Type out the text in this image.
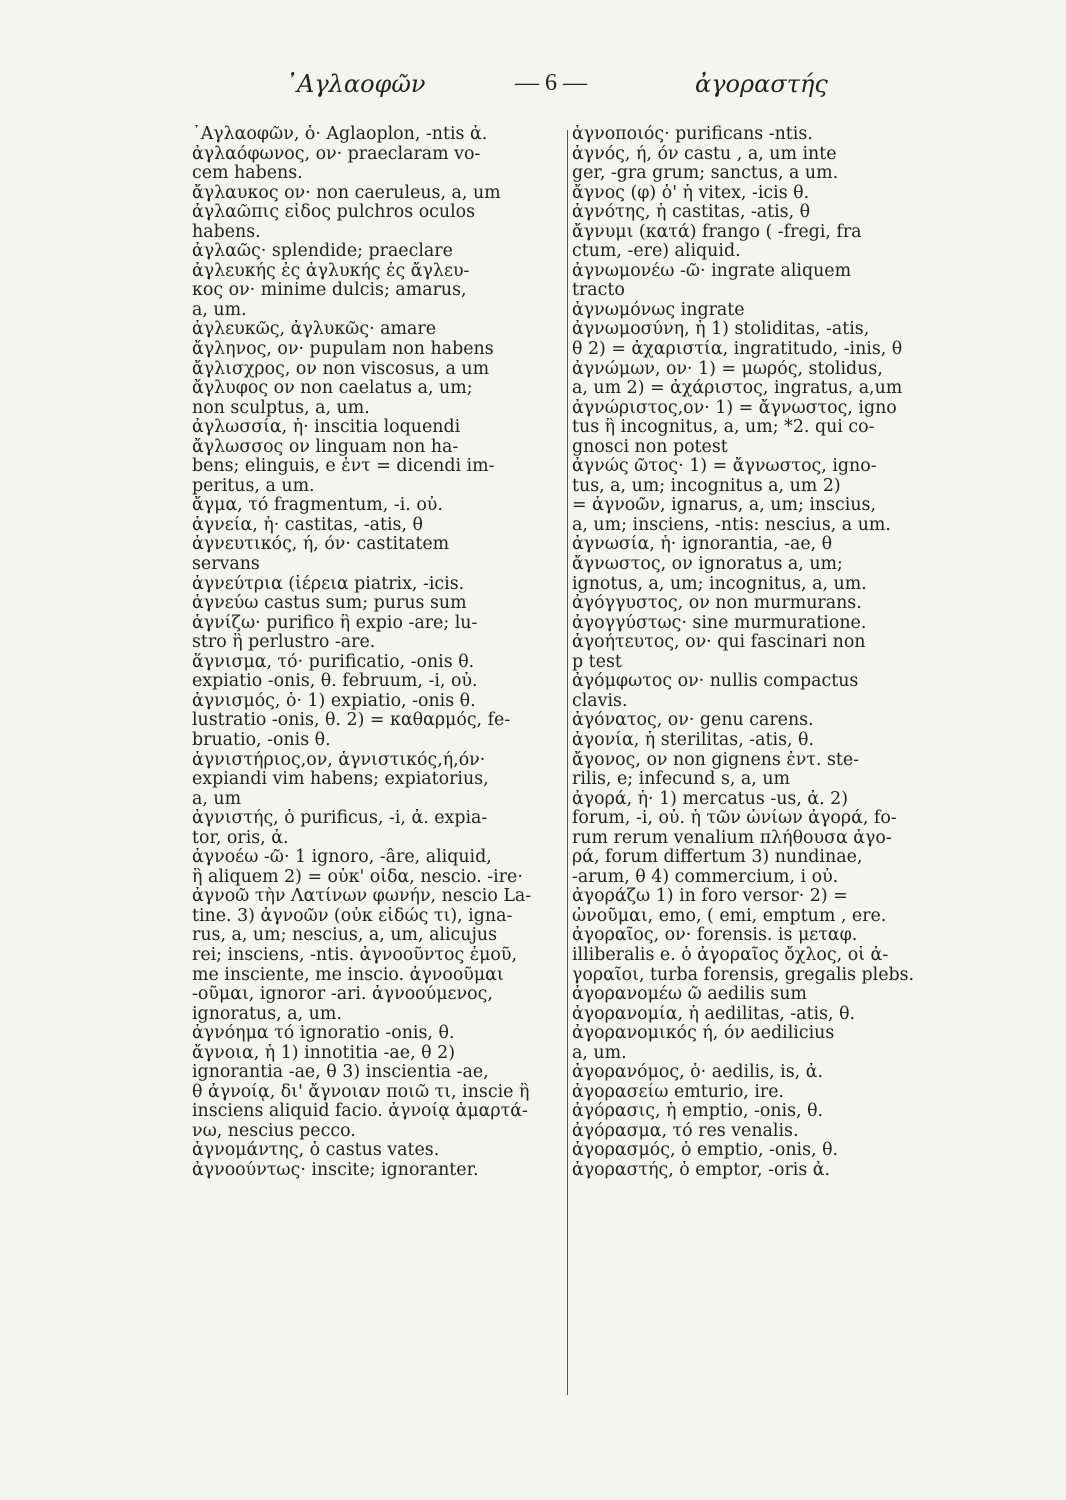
᾿Αγλαοφῶν	— 6 —	ἀγοραστής
᾿Αγλαοφῶν, ὁ· Aglaoplon, -ntis ἀ.
ἀγλαόφωνος, ον· praeclaram vo-
cem habens.
ἄγλαυκος ον· non caeruleus, a, um
ἀγλαῶπις εἶδος pulchros oculos
habens.
ἀγλαῶς· splendide; praeclare
ἀγλευκής ἐς ἀγλυκής ἐς ἄγλευ-
κος ον· minime dulcis; amarus,
a, um.
ἀγλευκῶς, ἀγλυκῶς· amare
ἄγληνος, ον· pupulam non habens
ἄγλισχρος, ον non viscosus, a um
ἄγλυφος ον non caelatus a, um;
non sculptus, a, um.
ἀγλωσσία, ἡ· inscitia loquendi
ἄγλωσσος ον linguam non ha-
bens; elinguis, e ἐντ = dicendi im-
peritus, a um.
ἄγμα, τό fragmentum, -i. οὐ.
ἁγνεία, ἡ· castitas, -atis, θ
ἁγνευτικός, ή, όν· castitatem
servans
ἁγνεύτρια (ἱέρεια piatrix, -icis.
ἁγνεύω castus sum; purus sum
ἁγνίζω· purifico ἢ expio -are; lu-
stro ἢ perlustro -are.
ἅγνισμα, τό· purificatio, -onis θ.
expiatio -onis, θ. februum, -i, οὐ.
ἁγνισμός, ὁ· 1) expiatio, -onis θ.
lustratio -onis, θ. 2) = καθαρμός, fe-
bruatio, -onis θ.
ἁγνιστήριος,ον, ἁγνιστικός,ή,όν·
expiandi vim habens; expiatorius,
a, um
ἁγνιστής, ὁ purificus, -i, ἀ. expia-
tor, oris, ἀ.
ἀγνοέω -ῶ· 1 ignoro, -âre, aliquid,
ἢ aliquem 2) = οὐκ' οἶδα, nescio. -ire·
ἀγνοῶ τὴν Λατίνων φωνήν, nescio La-
tine. 3) ἀγνοῶν (οὐκ εἰδώς τι), igna-
rus, a, um; nescius, a, um, alicujus
rei; insciens, -ntis. ἀγνοοῦντος ἐμοῦ,
me insciente, me inscio. ἀγνοοῦμαι
-οῦμαι, ignoror -ari. ἀγνοούμενος,
ignoratus, a, um.
ἀγνόημα τό ignoratio -onis, θ.
ἄγνοια, ἡ 1) innotitia -ae, θ 2)
ignorantia -ae, θ 3) inscientia -ae,
θ ἀγνοίᾳ, δι' ἄγνοιαν ποιῶ τι, inscie ἢ
insciens aliquid facio. ἀγνοίᾳ ἁμαρτά-
νω, nescius pecco.
ἁγνομάντης, ὁ castus vates.
ἀγνοούντως· inscite; ignoranter.
ἁγνοποιός· purificans -ntis.
ἁγνός, ή, όν castu , a, um inte
ger, -gra grum; sanctus, a um.
ἄγνος (φ) ὁ' ἡ vitex, -icis θ.
ἁγνότης, ἡ castitas, -atis, θ
ἄγνυμι (κατά) frango ( -fregi, fra
ctum, -ere) aliquid.
ἀγνωμονέω -ῶ· ingrate aliquem
tracto
ἀγνωμόνως ingrate
ἀγνωμοσύνη, ἡ 1) stoliditas, -atis,
θ 2) = ἀχαριστία, ingratitudo, -inis, θ
ἀγνώμων, ον· 1) = μωρός, stolidus,
a, um 2) = ἀχάριστος, ingratus, a,um
ἀγνώριστος,ον· 1) = ἄγνωστος, igno
tus ἢ incognitus, a, um; *2. qui co-
gnosci non potest
ἀγνώς ῶτος· 1) = ἄγνωστος, igno-
tus, a, um; incognitus a, um 2)
= ἀγνοῶν, ignarus, a, um; inscius,
a, um; insciens, -ntis: nescius, a um.
ἀγνωσία, ἡ· ignorantia, -ae, θ
ἄγνωστος, ον ignoratus a, um;
ignotus, a, um; incognitus, a, um.
ἀγόγγυστος, ον non murmurans.
ἀγογγύστως· sine murmuratione.
ἀγοήτευτος, ον· qui fascinari non
p test
ἀγόμφωτος ον· nullis compactus
clavis.
ἀγόνατος, ον· genu carens.
ἀγονία, ἡ sterilitas, -atis, θ.
ἄγονος, ον non gignens ἐντ. ste-
rilis, e; infecund s, a, um
ἀγορά, ἡ· 1) mercatus -us, ἀ. 2)
forum, -i, οὐ. ἡ τῶν ὠνίων ἀγορά, fo-
rum rerum venalium πλήθουσα ἀγο-
ρά, forum differtum 3) nundinae,
-arum, θ 4) commercium, i οὐ.
ἀγοράζω 1) in foro versor· 2) =
ὠνοῦμαι, emo, ( emi, emptum , ere.
ἀγοραῖος, ον· forensis. is μεταφ.
illiberalis e. ὁ ἀγοραῖος ὄχλος, οἱ ἀ-
γοραῖοι, turba forensis, gregalis plebs.
ἀγορανομέω ῶ aedilis sum
ἀγορανομία, ἡ aedilitas, -atis, θ.
ἀγορανομικός ή, όν aedilicius
a, um.
ἀγορανόμος, ὁ· aedilis, is, ἀ.
ἀγορασείω emturio, ire.
ἀγόρασις, ἡ emptio, -onis, θ.
ἀγόρασμα, τό res venalis.
ἀγορασμός, ὁ emptio, -onis, θ.
ἀγοραστής, ὁ emptor, -oris ἀ.
